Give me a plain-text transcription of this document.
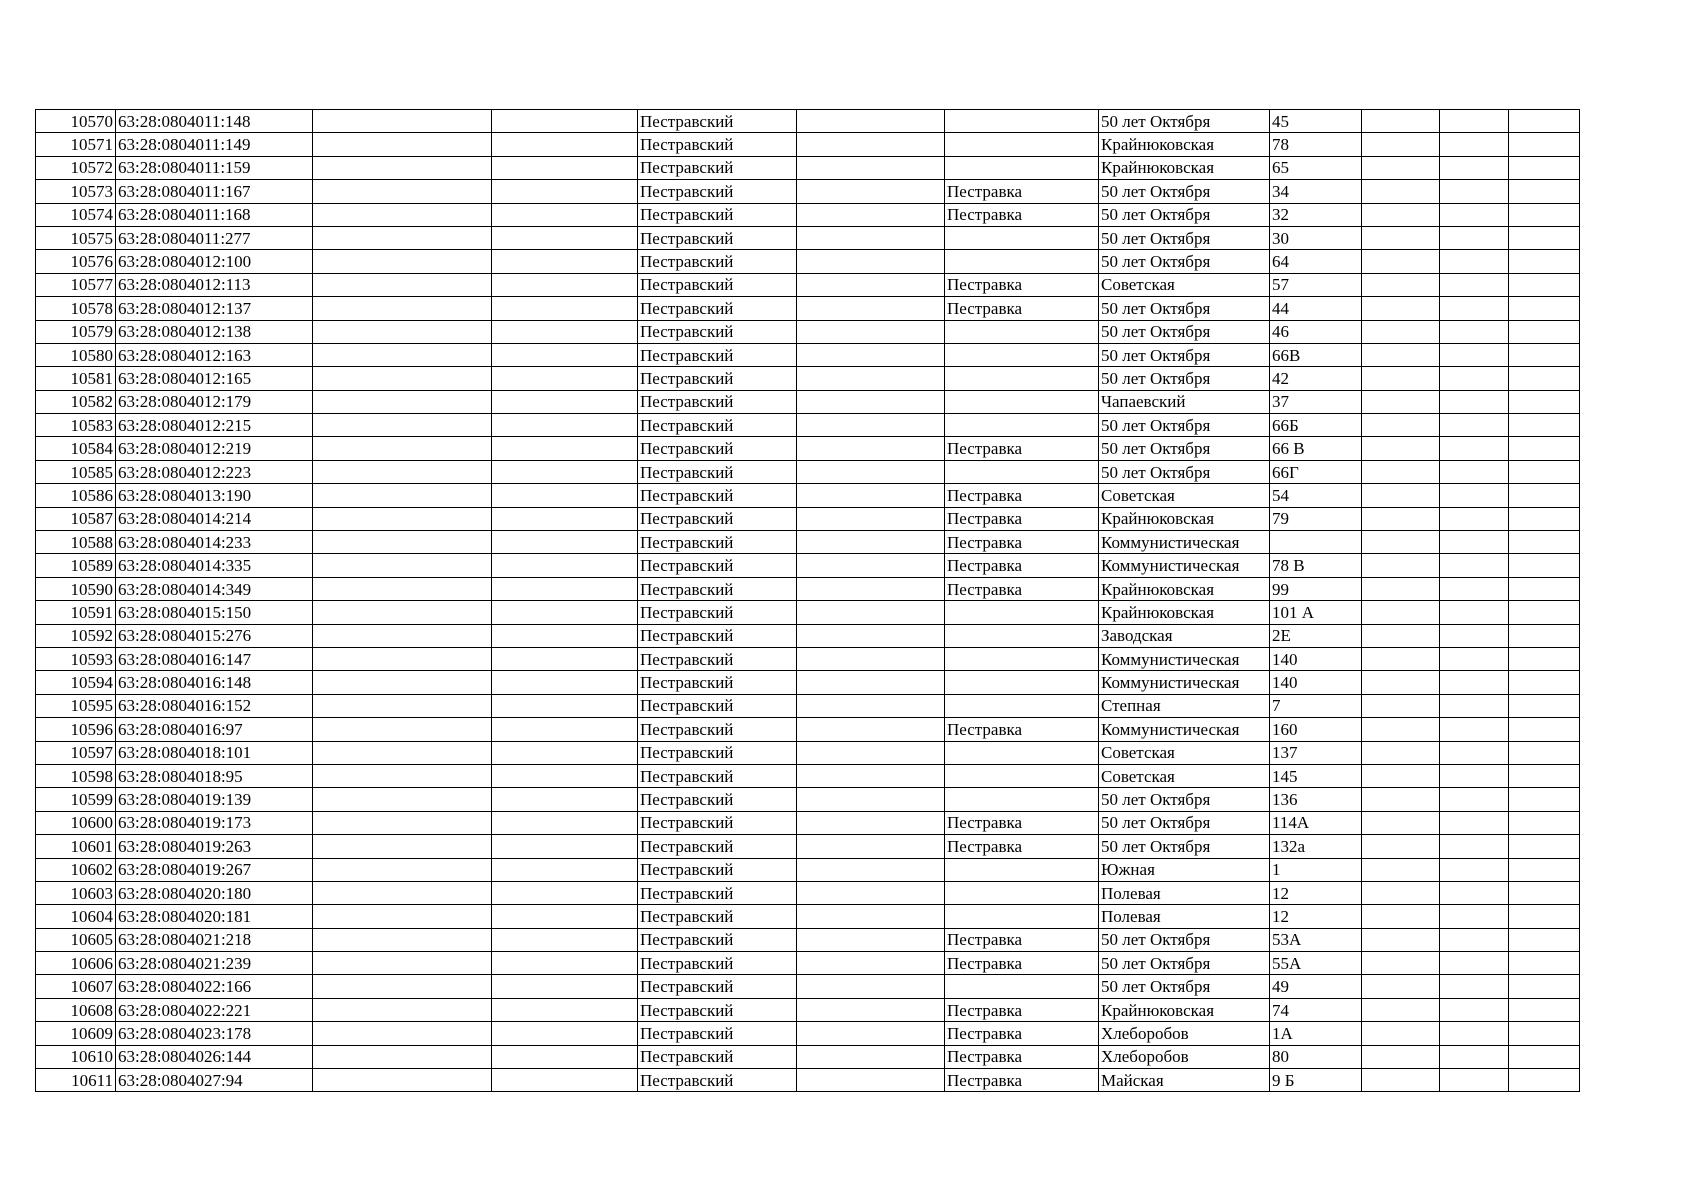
10570	63:28:0804011:148			Пестравский			50 лет Октября	45			
10571	63:28:0804011:149			Пестравский			Крайнюковская	78			
10572	63:28:0804011:159			Пестравский			Крайнюковская	65			
10573	63:28:0804011:167			Пестравский		Пестравка	50 лет Октября	34			
10574	63:28:0804011:168			Пестравский		Пестравка	50 лет Октября	32			
10575	63:28:0804011:277			Пестравский			50 лет Октября	30			
10576	63:28:0804012:100			Пестравский			50 лет Октября	64			
10577	63:28:0804012:113			Пестравский		Пестравка	Советская	57			
10578	63:28:0804012:137			Пестравский		Пестравка	50 лет Октября	44			
10579	63:28:0804012:138			Пестравский			50 лет Октября	46			
10580	63:28:0804012:163			Пестравский			50 лет Октября	66В			
10581	63:28:0804012:165			Пестравский			50 лет Октября	42			
10582	63:28:0804012:179			Пестравский			Чапаевский	37			
10583	63:28:0804012:215			Пестравский			50 лет Октября	66Б			
10584	63:28:0804012:219			Пестравский		Пестравка	50 лет Октября	66 В			
10585	63:28:0804012:223			Пестравский			50 лет Октября	66Г			
10586	63:28:0804013:190			Пестравский		Пестравка	Советская	54			
10587	63:28:0804014:214			Пестравский		Пестравка	Крайнюковская	79			
10588	63:28:0804014:233			Пестравский		Пестравка	Коммунистическая				
10589	63:28:0804014:335			Пестравский		Пестравка	Коммунистическая	78 В			
10590	63:28:0804014:349			Пестравский		Пестравка	Крайнюковская	99			
10591	63:28:0804015:150			Пестравский			Крайнюковская	101 А			
10592	63:28:0804015:276			Пестравский			Заводская	2Е			
10593	63:28:0804016:147			Пестравский			Коммунистическая	140			
10594	63:28:0804016:148			Пестравский			Коммунистическая	140			
10595	63:28:0804016:152			Пестравский			Степная	7			
10596	63:28:0804016:97			Пестравский		Пестравка	Коммунистическая	160			
10597	63:28:0804018:101			Пестравский			Советская	137			
10598	63:28:0804018:95			Пестравский			Советская	145			
10599	63:28:0804019:139			Пестравский			50 лет Октября	136			
10600	63:28:0804019:173			Пестравский		Пестравка	50 лет Октября	114А			
10601	63:28:0804019:263			Пестравский		Пестравка	50 лет Октября	132а			
10602	63:28:0804019:267			Пестравский			Южная	1			
10603	63:28:0804020:180			Пестравский			Полевая	12			
10604	63:28:0804020:181			Пестравский			Полевая	12			
10605	63:28:0804021:218			Пестравский		Пестравка	50 лет Октября	53А			
10606	63:28:0804021:239			Пестравский		Пестравка	50 лет Октября	55А			
10607	63:28:0804022:166			Пестравский			50 лет Октября	49			
10608	63:28:0804022:221			Пестравский		Пестравка	Крайнюковская	74			
10609	63:28:0804023:178			Пестравский		Пестравка	Хлеборобов	1А			
10610	63:28:0804026:144			Пестравский		Пестравка	Хлеборобов	80			
10611	63:28:0804027:94			Пестравский		Пестравка	Майская	9 Б			
